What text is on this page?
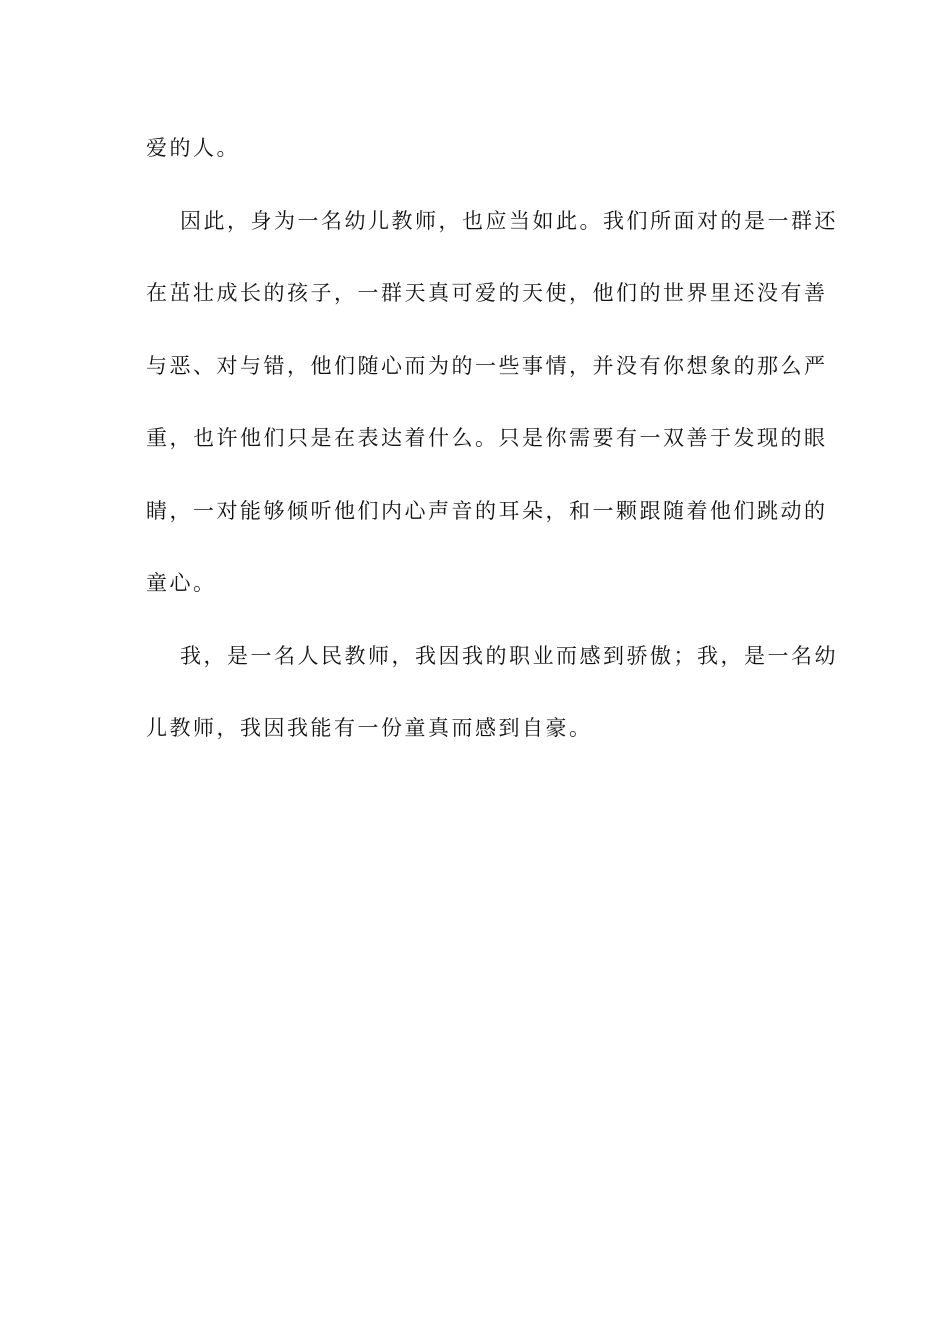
爱的人。
因此，身为一名幼儿教师，也应当如此。我们所面对的是一群还
在茁壮成长的孩子，一群天真可爱的天使，他们的世界里还没有善
与恶、对与错，他们随心而为的一些事情，并没有你想象的那么严
重，也许他们只是在表达着什么。只是你需要有一双善于发现的眼
睛，一对能够倾听他们内心声音的耳朵，和一颗跟随着他们跳动的
童心。
我，是一名人民教师，我因我的职业而感到骄傲；我，是一名幼
儿教师，我因我能有一份童真而感到自豪。
